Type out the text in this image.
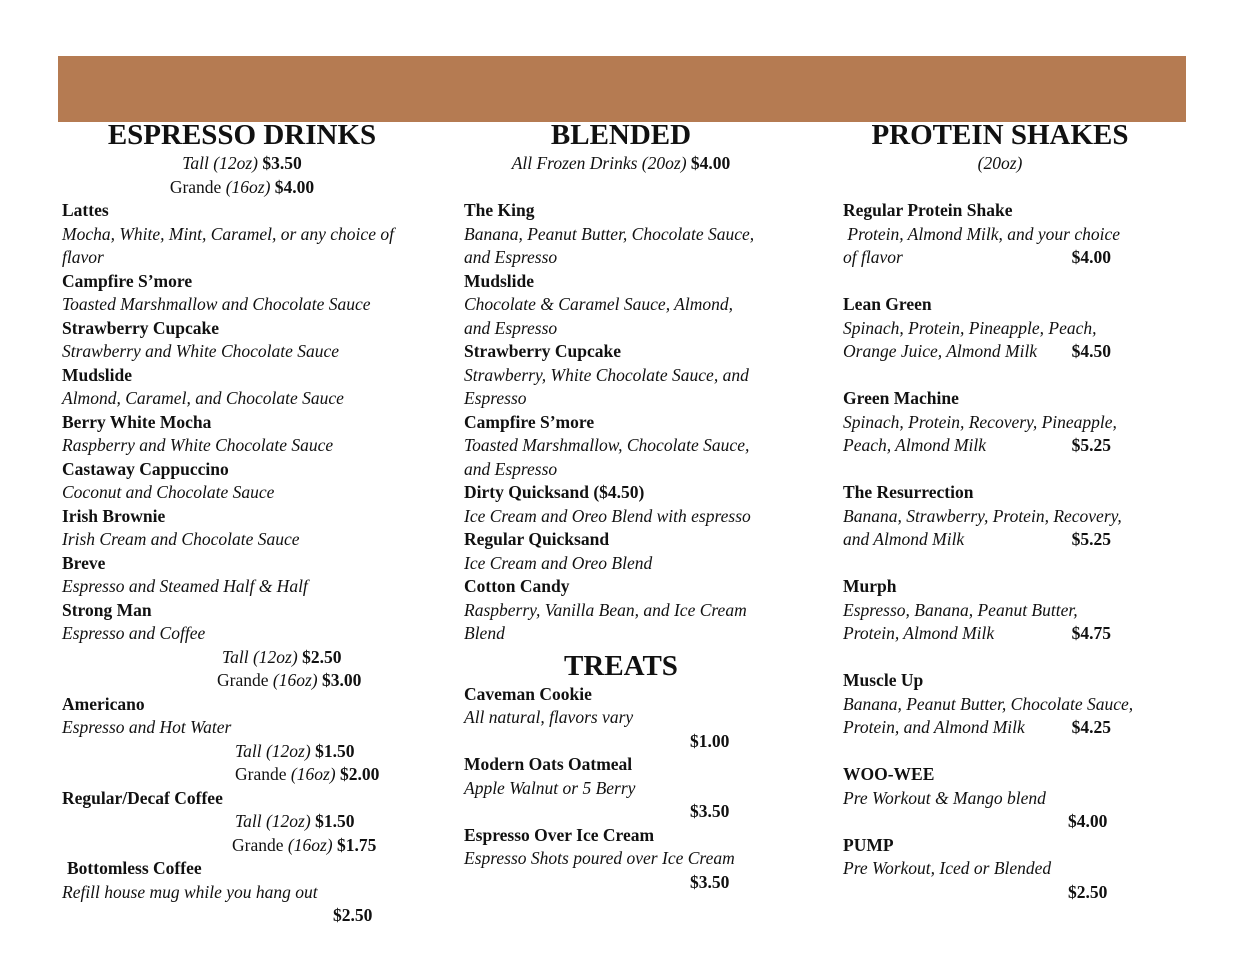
ESPRESSO DRINKS
Tall (12oz) $3.50
Grande (16oz) $4.00
Lattes
Mocha, White, Mint, Caramel, or any choice of
flavor
Campfire S’more
Toasted Marshmallow and Chocolate Sauce
Strawberry Cupcake
Strawberry and White Chocolate Sauce
Mudslide
Almond, Caramel, and Chocolate Sauce
Berry White Mocha
Raspberry and White Chocolate Sauce
Castaway Cappuccino
Coconut and Chocolate Sauce
Irish Brownie
Irish Cream and Chocolate Sauce
Breve
Espresso and Steamed Half & Half
Strong Man
Espresso and Coffee
Tall (12oz) $2.50
Grande (16oz) $3.00
Americano
Espresso and Hot Water
Tall (12oz) $1.50
Grande (16oz) $2.00
Regular/Decaf Coffee
Tall (12oz) $1.50
Grande (16oz) $1.75
Bottomless Coffee
Refill house mug while you hang out
$2.50
BLENDED
All Frozen Drinks (20oz) $4.00
The King
Banana, Peanut Butter, Chocolate Sauce,
and Espresso
Mudslide
Chocolate & Caramel Sauce, Almond,
and Espresso
Strawberry Cupcake
Strawberry, White Chocolate Sauce, and
Espresso
Campfire S’more
Toasted Marshmallow, Chocolate Sauce,
and Espresso
Dirty Quicksand ($4.50)
Ice Cream and Oreo Blend with espresso
Regular Quicksand
Ice Cream and Oreo Blend
Cotton Candy
Raspberry, Vanilla Bean, and Ice Cream
Blend
TREATS
Caveman Cookie
All natural, flavors vary
$1.00
Modern Oats Oatmeal
Apple Walnut or 5 Berry
$3.50
Espresso Over Ice Cream
Espresso Shots poured over Ice Cream
$3.50
PROTEIN SHAKES
(20oz)
Regular Protein Shake
Protein, Almond Milk, and your choice
of flavor	$4.00
Lean Green
Spinach, Protein, Pineapple, Peach,
Orange Juice, Almond Milk $4.50
Green Machine
Spinach, Protein, Recovery, Pineapple,
Peach, Almond Milk	$5.25
The Resurrection
Banana, Strawberry, Protein, Recovery,
and Almond Milk	$5.25
Murph
Espresso, Banana, Peanut Butter,
Protein, Almond Milk	$4.75
Muscle Up
Banana, Peanut Butter, Chocolate Sauce,
Protein, and Almond Milk	$4.25
WOO-WEE
Pre Workout & Mango blend
$4.00
PUMP
Pre Workout, Iced or Blended
$2.50
